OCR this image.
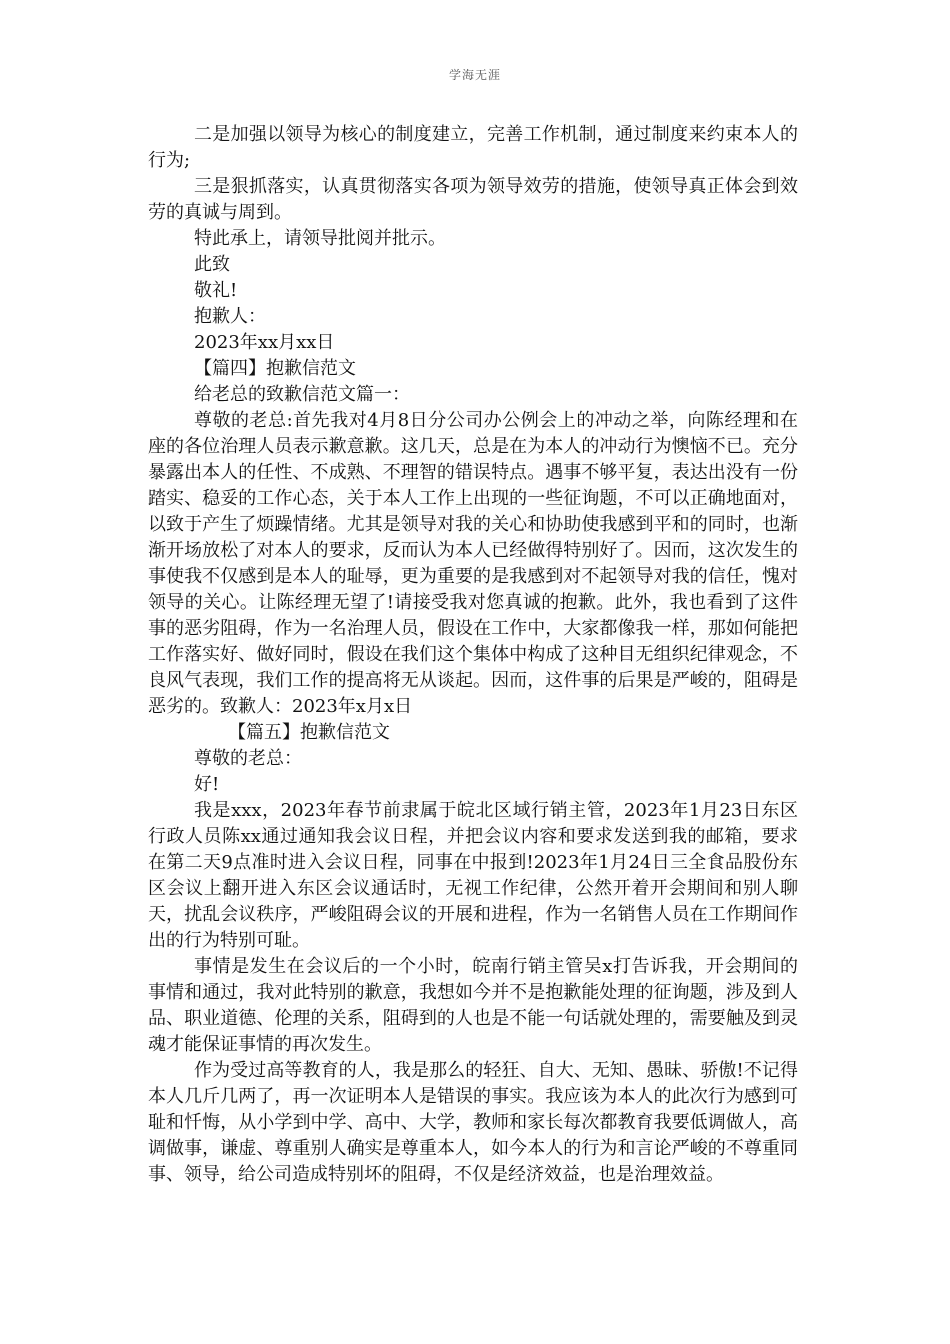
学海无涯

二是加强以领导为核心的制度建立，完善工作机制，通过制度来约束本人的行为;

三是狠抓落实，认真贯彻落实各项为领导效劳的措施，使领导真正体会到效劳的真诚与周到。

特此承上，请领导批阅并批示。

此致

敬礼!

抱歉人：

2023年xx月xx日

【篇四】抱歉信范文

给老总的致歉信范文篇一：

尊敬的老总:首先我对4月8日分公司办公例会上的冲动之举，向陈经理和在座的各位治理人员表示歉意歉。这几天，总是在为本人的冲动行为懊恼不已。充分暴露出本人的任性、不成熟、不理智的错误特点。遇事不够平复，表达出没有一份踏实、稳妥的工作心态，关于本人工作上出现的一些征询题，不可以正确地面对，以致于产生了烦躁情绪。尤其是领导对我的关心和协助使我感到平和的同时，也渐渐开场放松了对本人的要求，反而认为本人已经做得特别好了。因而，这次发生的事使我不仅感到是本人的耻辱，更为重要的是我感到对不起领导对我的信任，愧对领导的关心。让陈经理无望了!请接受我对您真诚的抱歉。此外，我也看到了这件事的恶劣阻碍，作为一名治理人员，假设在工作中，大家都像我一样，那如何能把工作落实好、做好同时，假设在我们这个集体中构成了这种目无组织纪律观念，不良风气表现，我们工作的提高将无从谈起。因而，这件事的后果是严峻的，阻碍是恶劣的。致歉人：2023年x月x日

【篇五】抱歉信范文

尊敬的老总：

好!

我是xxx，2023年春节前隶属于皖北区域行销主管，2023年1月23日东区行政人员陈xx通过通知我会议日程，并把会议内容和要求发送到我的邮箱，要求在第二天9点准时进入会议日程，同事在中报到!2023年1月24日三全食品股份东区会议上翻开进入东区会议通话时，无视工作纪律，公然开着开会期间和别人聊天，扰乱会议秩序，严峻阻碍会议的开展和进程，作为一名销售人员在工作期间作出的行为特别可耻。

事情是发生在会议后的一个小时，皖南行销主管吴x打告诉我，开会期间的事情和通过，我对此特别的歉意，我想如今并不是抱歉能处理的征询题，涉及到人品、职业道德、伦理的关系，阻碍到的人也是不能一句话就处理的，需要触及到灵魂才能保证事情的再次发生。

作为受过高等教育的人，我是那么的轻狂、自大、无知、愚昧、骄傲!不记得本人几斤几两了，再一次证明本人是错误的事实。我应该为本人的此次行为感到可耻和忏悔，从小学到中学、高中、大学，教师和家长每次都教育我要低调做人，高调做事，谦虚、尊重别人确实是尊重本人，如今本人的行为和言论严峻的不尊重同事、领导，给公司造成特别坏的阻碍，不仅是经济效益，也是治理效益。
